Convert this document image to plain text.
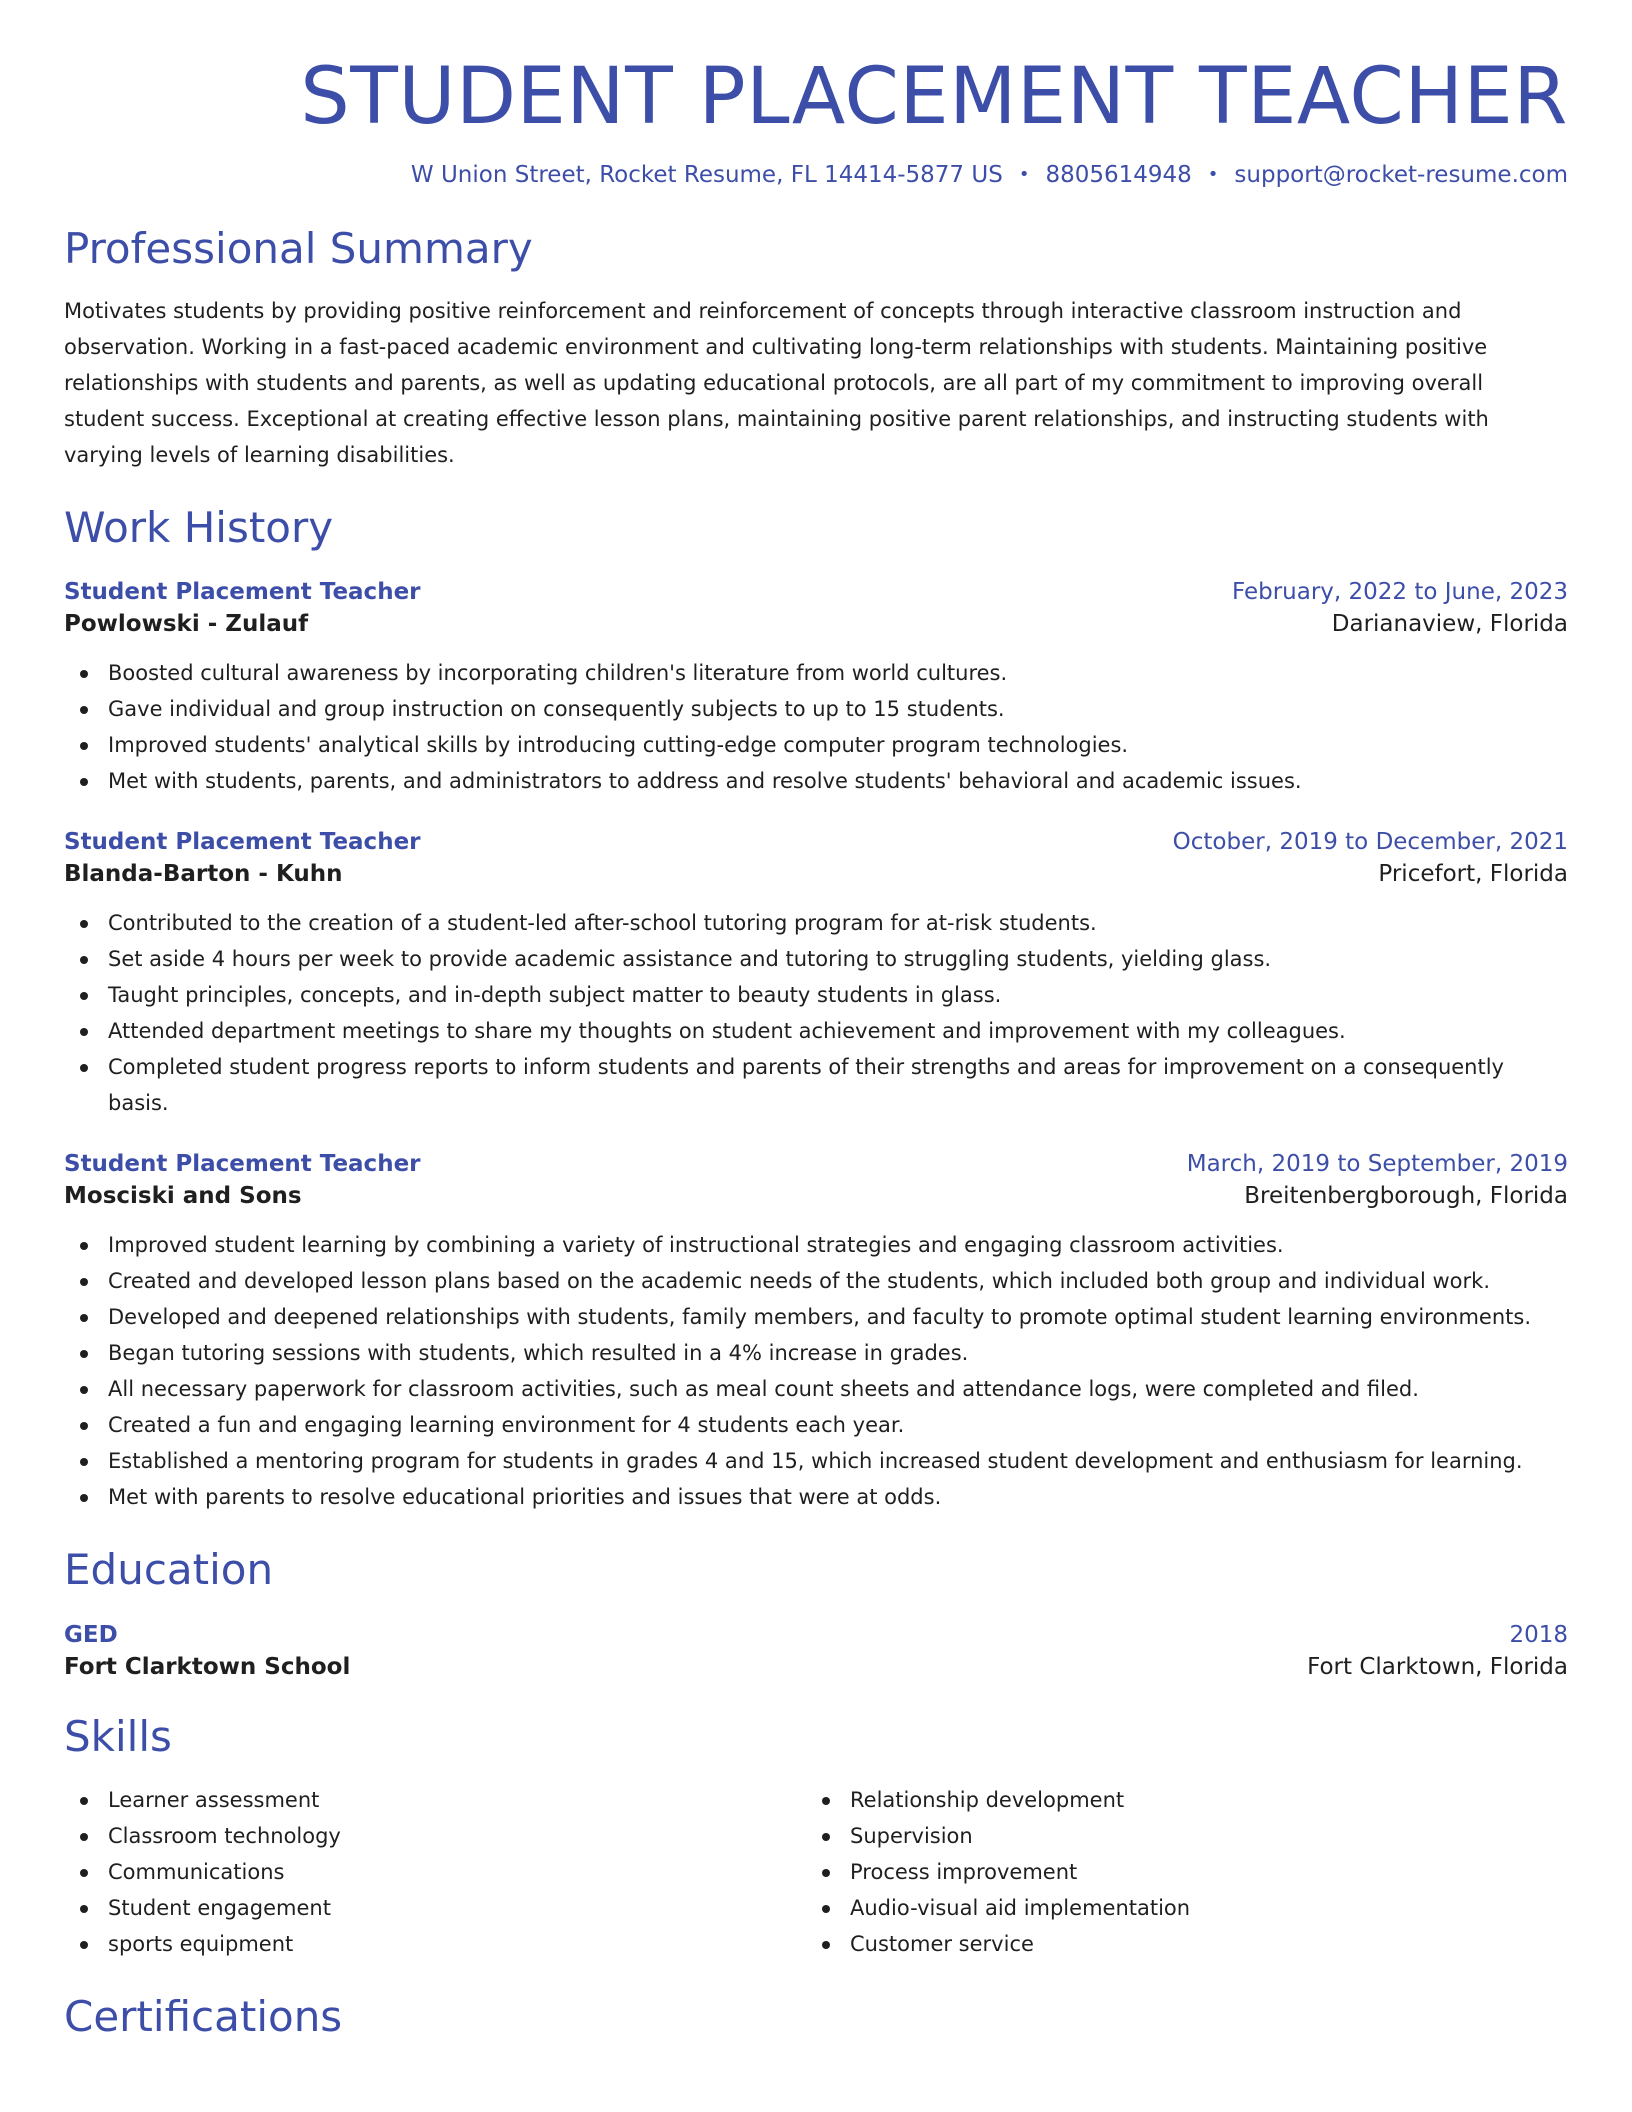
STUDENT PLACEMENT TEACHER
W Union Street, Rocket Resume, FL 14414-5877 US • 8805614948 • support@rocket-resume.com
Professional Summary

Motivates students by providing positive reinforcement and reinforcement of concepts through interactive classroom instruction and observation. Working in a fast-paced academic environment and cultivating long-term relationships with students. Maintaining positive relationships with students and parents, as well as updating educational protocols, are all part of my commitment to improving overall student success. Exceptional at creating effective lesson plans, maintaining positive parent relationships, and instructing students with varying levels of learning disabilities.

Work History
Student Placement Teacher	February, 2022 to June, 2023
Powlowski - Zulauf	Darianaview, Florida
Boosted cultural awareness by incorporating children's literature from world cultures.
Gave individual and group instruction on consequently subjects to up to 15 students.
Improved students' analytical skills by introducing cutting-edge computer program technologies.
Met with students, parents, and administrators to address and resolve students' behavioral and academic issues.
Student Placement Teacher	October, 2019 to December, 2021
Blanda-Barton - Kuhn	Pricefort, Florida
Contributed to the creation of a student-led after-school tutoring program for at-risk students.
Set aside 4 hours per week to provide academic assistance and tutoring to struggling students, yielding glass.
Taught principles, concepts, and in-depth subject matter to beauty students in glass.
Attended department meetings to share my thoughts on student achievement and improvement with my colleagues.
Completed student progress reports to inform students and parents of their strengths and areas for improvement on a consequently basis.
Student Placement Teacher	March, 2019 to September, 2019
Mosciski and Sons	Breitenbergborough, Florida
Improved student learning by combining a variety of instructional strategies and engaging classroom activities.
Created and developed lesson plans based on the academic needs of the students, which included both group and individual work.
Developed and deepened relationships with students, family members, and faculty to promote optimal student learning environments.
Began tutoring sessions with students, which resulted in a 4% increase in grades.
All necessary paperwork for classroom activities, such as meal count sheets and attendance logs, were completed and filed.
Created a fun and engaging learning environment for 4 students each year.
Established a mentoring program for students in grades 4 and 15, which increased student development and enthusiasm for learning.
Met with parents to resolve educational priorities and issues that were at odds.
Education
GED	2018
Fort Clarktown School	Fort Clarktown, Florida
Skills
Learner assessment
Classroom technology
Communications
Student engagement
sports equipment
Relationship development
Supervision
Process improvement
Audio-visual aid implementation
Customer service
Certifications
